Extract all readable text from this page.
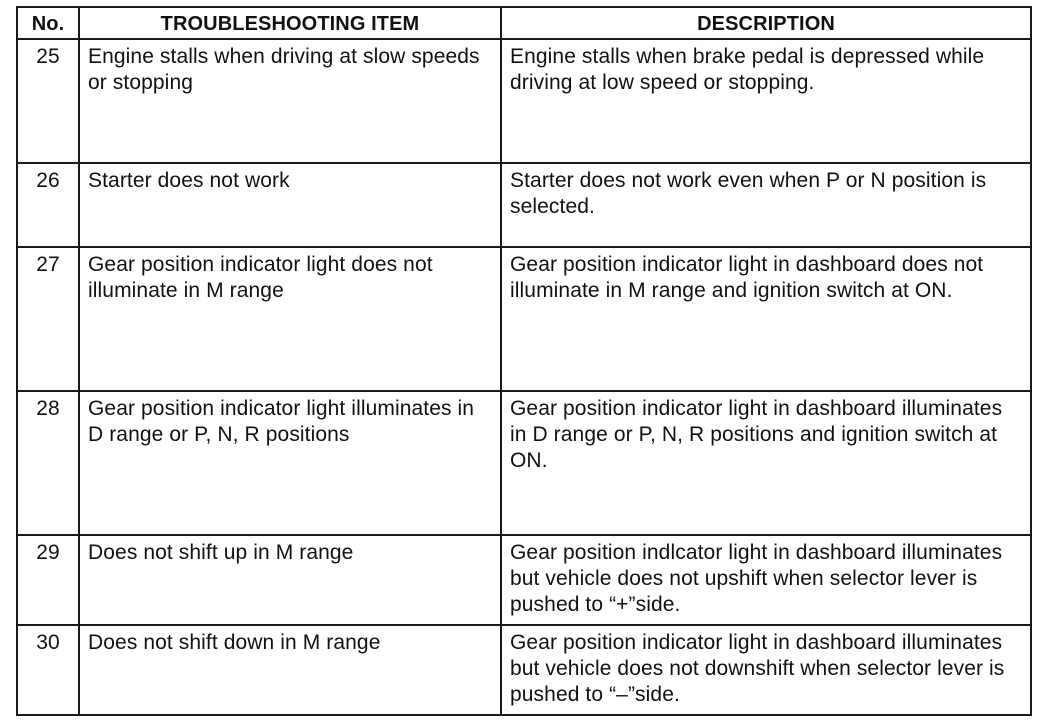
No.	TROUBLESHOOTING ITEM	DESCRIPTION
25	Engine stalls when driving at slow speeds or stopping	Engine stalls when brake pedal is depressed while driving at low speed or stopping.
26	Starter does not work	Starter does not work even when P or N position is selected.
27	Gear position indicator light does not illuminate in M range	Gear position indicator light in dashboard does not illuminate in M range and ignition switch at ON.
28	Gear position indicator light illuminates in D range or P, N, R positions	Gear position indicator light in dashboard illuminates in D range or P, N, R positions and ignition switch at ON.
29	Does not shift up in M range	Gear position indlcator light in dashboard illuminates but vehicle does not upshift when selector lever is pushed to “+”side.
30	Does not shift down in M range	Gear position indicator light in dashboard illuminates but vehicle does not downshift when selector lever is pushed to “–”side.
